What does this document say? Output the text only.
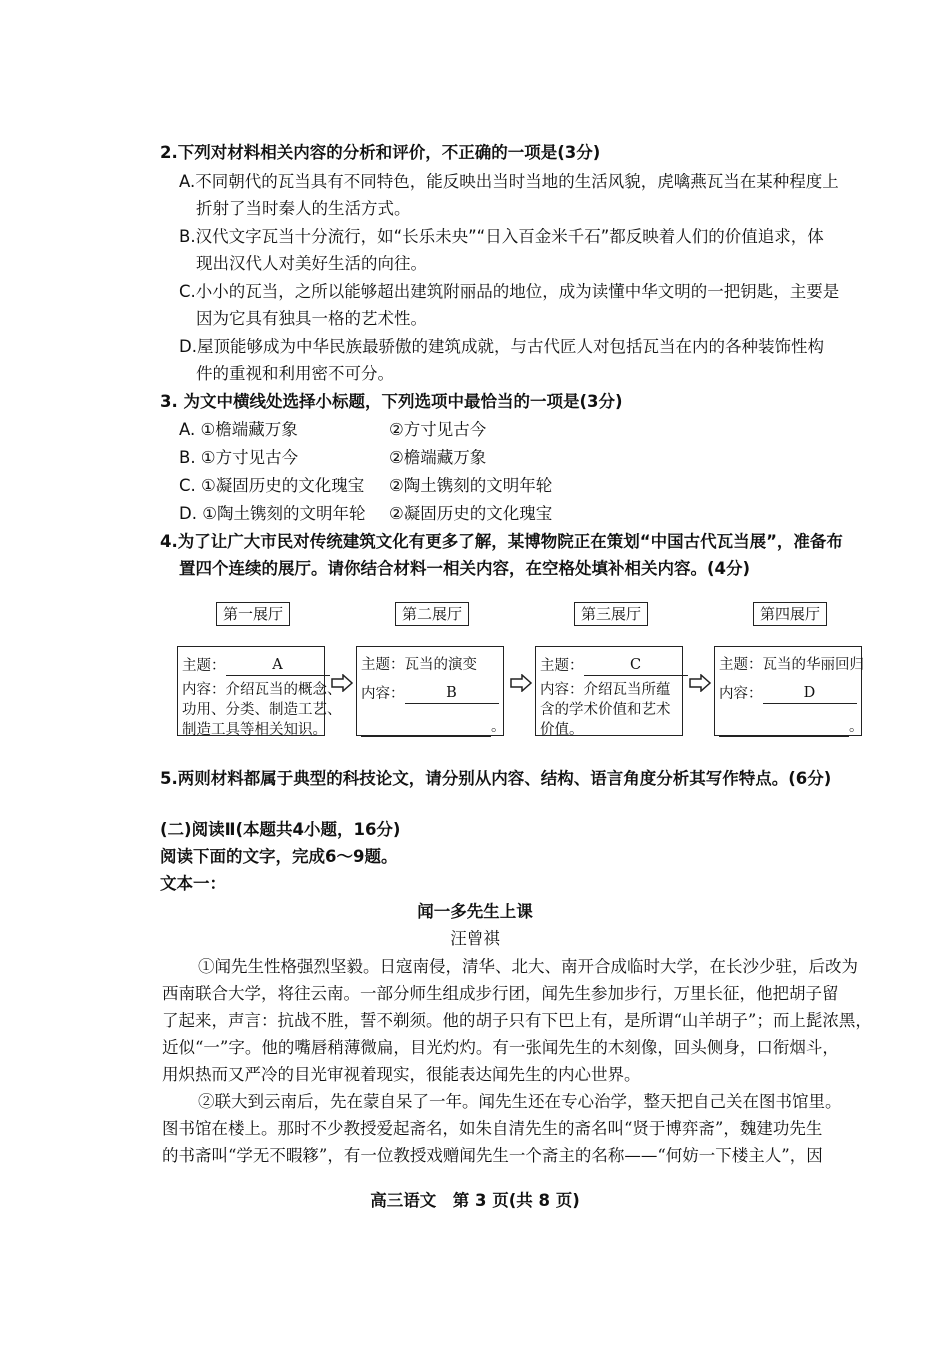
2.下列对材料相关内容的分析和评价，不正确的一项是(3分)
A.不同朝代的瓦当具有不同特色，能反映出当时当地的生活风貌，虎噙燕瓦当在某种程度上
折射了当时秦人的生活方式。
B.汉代文字瓦当十分流行，如“长乐未央”“日入百金米千石”都反映着人们的价值追求，体
现出汉代人对美好生活的向往。
C.小小的瓦当，之所以能够超出建筑附丽品的地位，成为读懂中华文明的一把钥匙，主要是
因为它具有独具一格的艺术性。
D.屋顶能够成为中华民族最骄傲的建筑成就，与古代匠人对包括瓦当在内的各种装饰性构
件的重视和利用密不可分。
3. 为文中横线处选择小标题，下列选项中最恰当的一项是(3分)
A. ①檐端藏万象	②方寸见古今
B. ①方寸见古今	②檐端藏万象
C. ①凝固历史的文化瑰宝 ②陶土镌刻的文明年轮
D. ①陶土镌刻的文明年轮 ②凝固历史的文化瑰宝
4.为了让广大市民对传统建筑文化有更多了解，某博物院正在策划“中国古代瓦当展”，准备布
置四个连续的展厅。请你结合材料一相关内容，在空格处填补相关内容。(4分)
第一展厅	第二展厅	第三展厅	第四展厅
主题：	A
内容：介绍瓦当的概念、
功用、分类、制造工艺、
制造工具等相关知识。
主题：瓦当的演变
内容：	B
。
主题：	C
内容：介绍瓦当所蕴
含的学术价值和艺术
价值。
主题：瓦当的华丽回归
内容：	D
。
5.两则材料都属于典型的科技论文，请分别从内容、结构、语言角度分析其写作特点。(6分)
(二)阅读Ⅱ(本题共4小题，16分)
阅读下面的文字，完成6～9题。
文本一：
闻一多先生上课
汪曾祺
①闻先生性格强烈坚毅。日寇南侵，清华、北大、南开合成临时大学，在长沙少驻，后改为
西南联合大学，将往云南。一部分师生组成步行团，闻先生参加步行，万里长征，他把胡子留
了起来，声言：抗战不胜，誓不剃须。他的胡子只有下巴上有，是所谓“山羊胡子”；而上髭浓黑，
近似“一”字。他的嘴唇稍薄微扁，目光灼灼。有一张闻先生的木刻像，回头侧身，口衔烟斗，
用炽热而又严冷的目光审视着现实，很能表达闻先生的内心世界。
②联大到云南后，先在蒙自呆了一年。闻先生还在专心治学，整天把自己关在图书馆里。
图书馆在楼上。那时不少教授爱起斋名，如朱自清先生的斋名叫“贤于博弈斋”，魏建功先生
的书斋叫“学无不暇簃”，有一位教授戏赠闻先生一个斋主的名称——“何妨一下楼主人”，因
高三语文　第 3 页(共 8 页)
